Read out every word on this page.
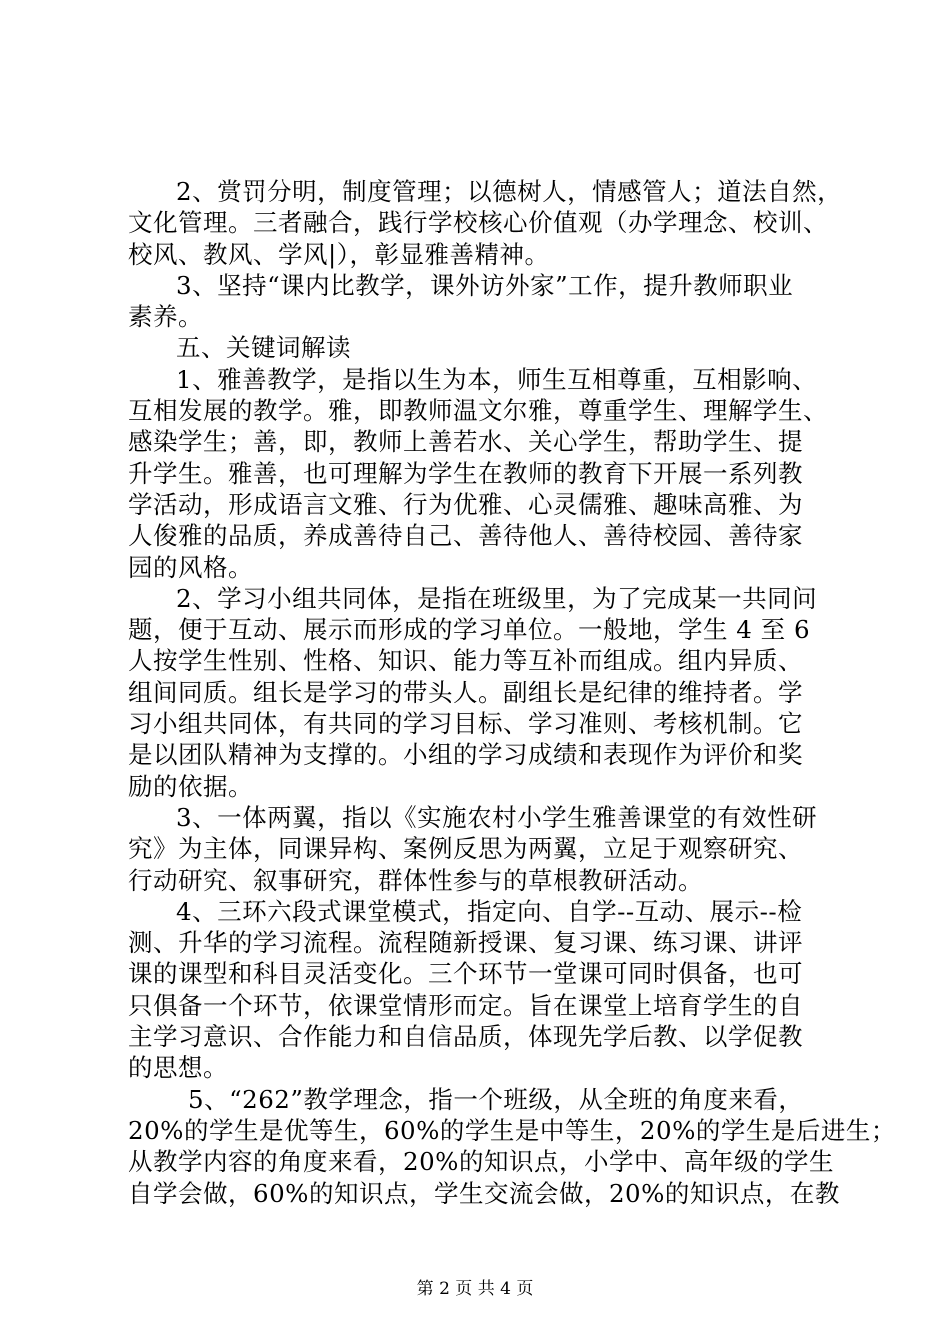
2、赏罚分明，制度管理；以德树人，情感管人；道法自然，
文化管理。三者融合，践行学校核心价值观（办学理念、校训、
校风、教风、学风|），彰显雅善精神。
3、坚持“课内比教学，课外访外家”工作，提升教师职业
素养。
五、关键词解读
1、雅善教学，是指以生为本，师生互相尊重，互相影响、
互相发展的教学。雅，即教师温文尔雅，尊重学生、理解学生、
感染学生；善，即，教师上善若水、关心学生，帮助学生、提
升学生。雅善，也可理解为学生在教师的教育下开展一系列教
学活动，形成语言文雅、行为优雅、心灵儒雅、趣味高雅、为
人俊雅的品质，养成善待自己、善待他人、善待校园、善待家
园的风格。
2、学习小组共同体，是指在班级里，为了完成某一共同问
题，便于互动、展示而形成的学习单位。一般地，学生 4 至 6
人按学生性别、性格、知识、能力等互补而组成。组内异质、
组间同质。组长是学习的带头人。副组长是纪律的维持者。学
习小组共同体，有共同的学习目标、学习准则、考核机制。它
是以团队精神为支撑的。小组的学习成绩和表现作为评价和奖
励的依据。
3、一体两翼，指以《实施农村小学生雅善课堂的有效性研
究》为主体，同课异构、案例反思为两翼，立足于观察研究、
行动研究、叙事研究，群体性参与的草根教研活动。
4、三环六段式课堂模式，指定向、自学--互动、展示--检
测、升华的学习流程。流程随新授课、复习课、练习课、讲评
课的课型和科目灵活变化。三个环节一堂课可同时俱备，也可
只俱备一个环节，依课堂情形而定。旨在课堂上培育学生的自
主学习意识、合作能力和自信品质，体现先学后教、以学促教
的思想。
5、“262”教学理念，指一个班级，从全班的角度来看，
20%的学生是优等生，60%的学生是中等生，20%的学生是后进生；
从教学内容的角度来看，20%的知识点，小学中、高年级的学生
自学会做，60%的知识点，学生交流会做，20%的知识点，在教
第 2 页 共 4 页
